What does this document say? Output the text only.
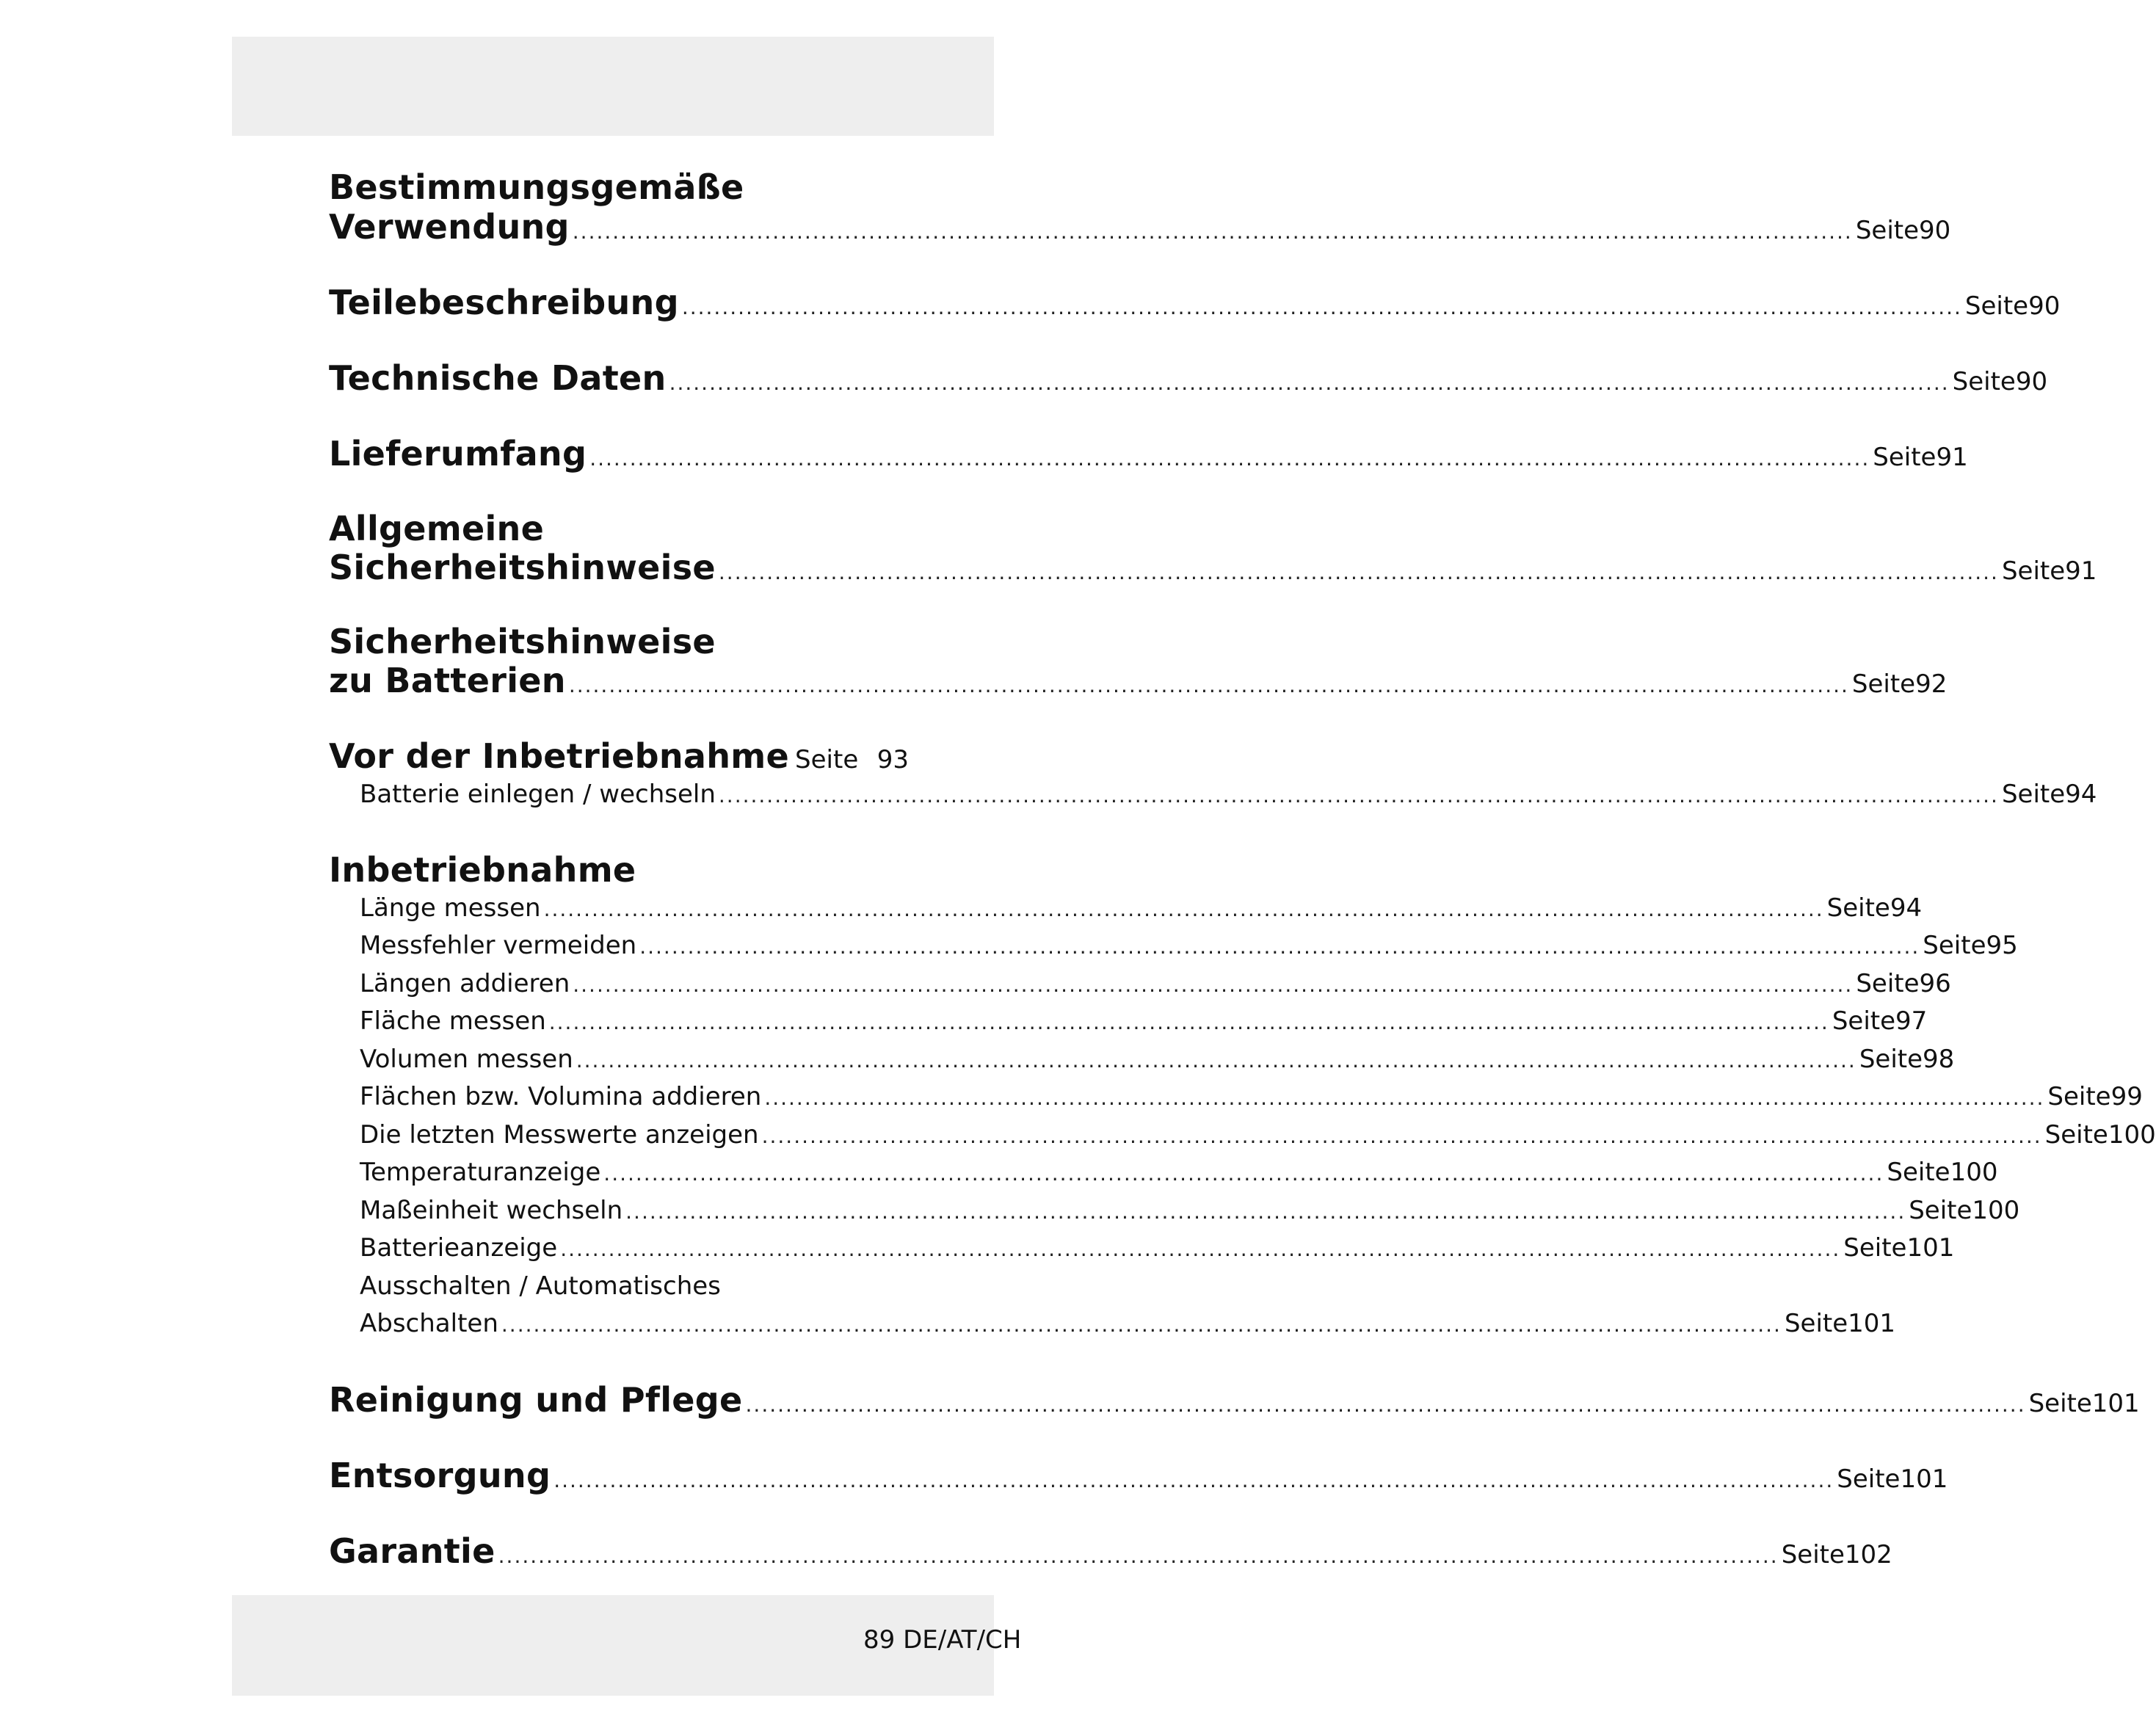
Bestimmungsgemäße
Verwendung .....	Seite 90
Teilebeschreibung .....	Seite 90
Technische Daten .....	Seite 90
Lieferumfang .....	Seite 91
Allgemeine
Sicherheitshinweise .....	Seite 91
Sicherheitshinweise
zu Batterien .....	Seite 92
Vor der Inbetriebnahme Seite 93
Batterie einlegen / wechseln .....	Seite 94
Inbetriebnahme
Länge messen .....	Seite 94
Messfehler vermeiden .....	Seite 95
Längen addieren .....	Seite 96
Fläche messen .....	Seite 97
Volumen messen .....	Seite 98
Flächen bzw. Volumina addieren .....	Seite 99
Die letzten Messwerte anzeigen .....	Seite 100
Temperaturanzeige .....	Seite 100
Maßeinheit wechseln .....	Seite 100
Batterieanzeige .....	Seite 101
Ausschalten / Automatisches
Abschalten .....	Seite 101
Reinigung und Pflege .....	Seite 101
Entsorgung .....	Seite 101
Garantie .....	Seite 102
89 DE/AT/CH
